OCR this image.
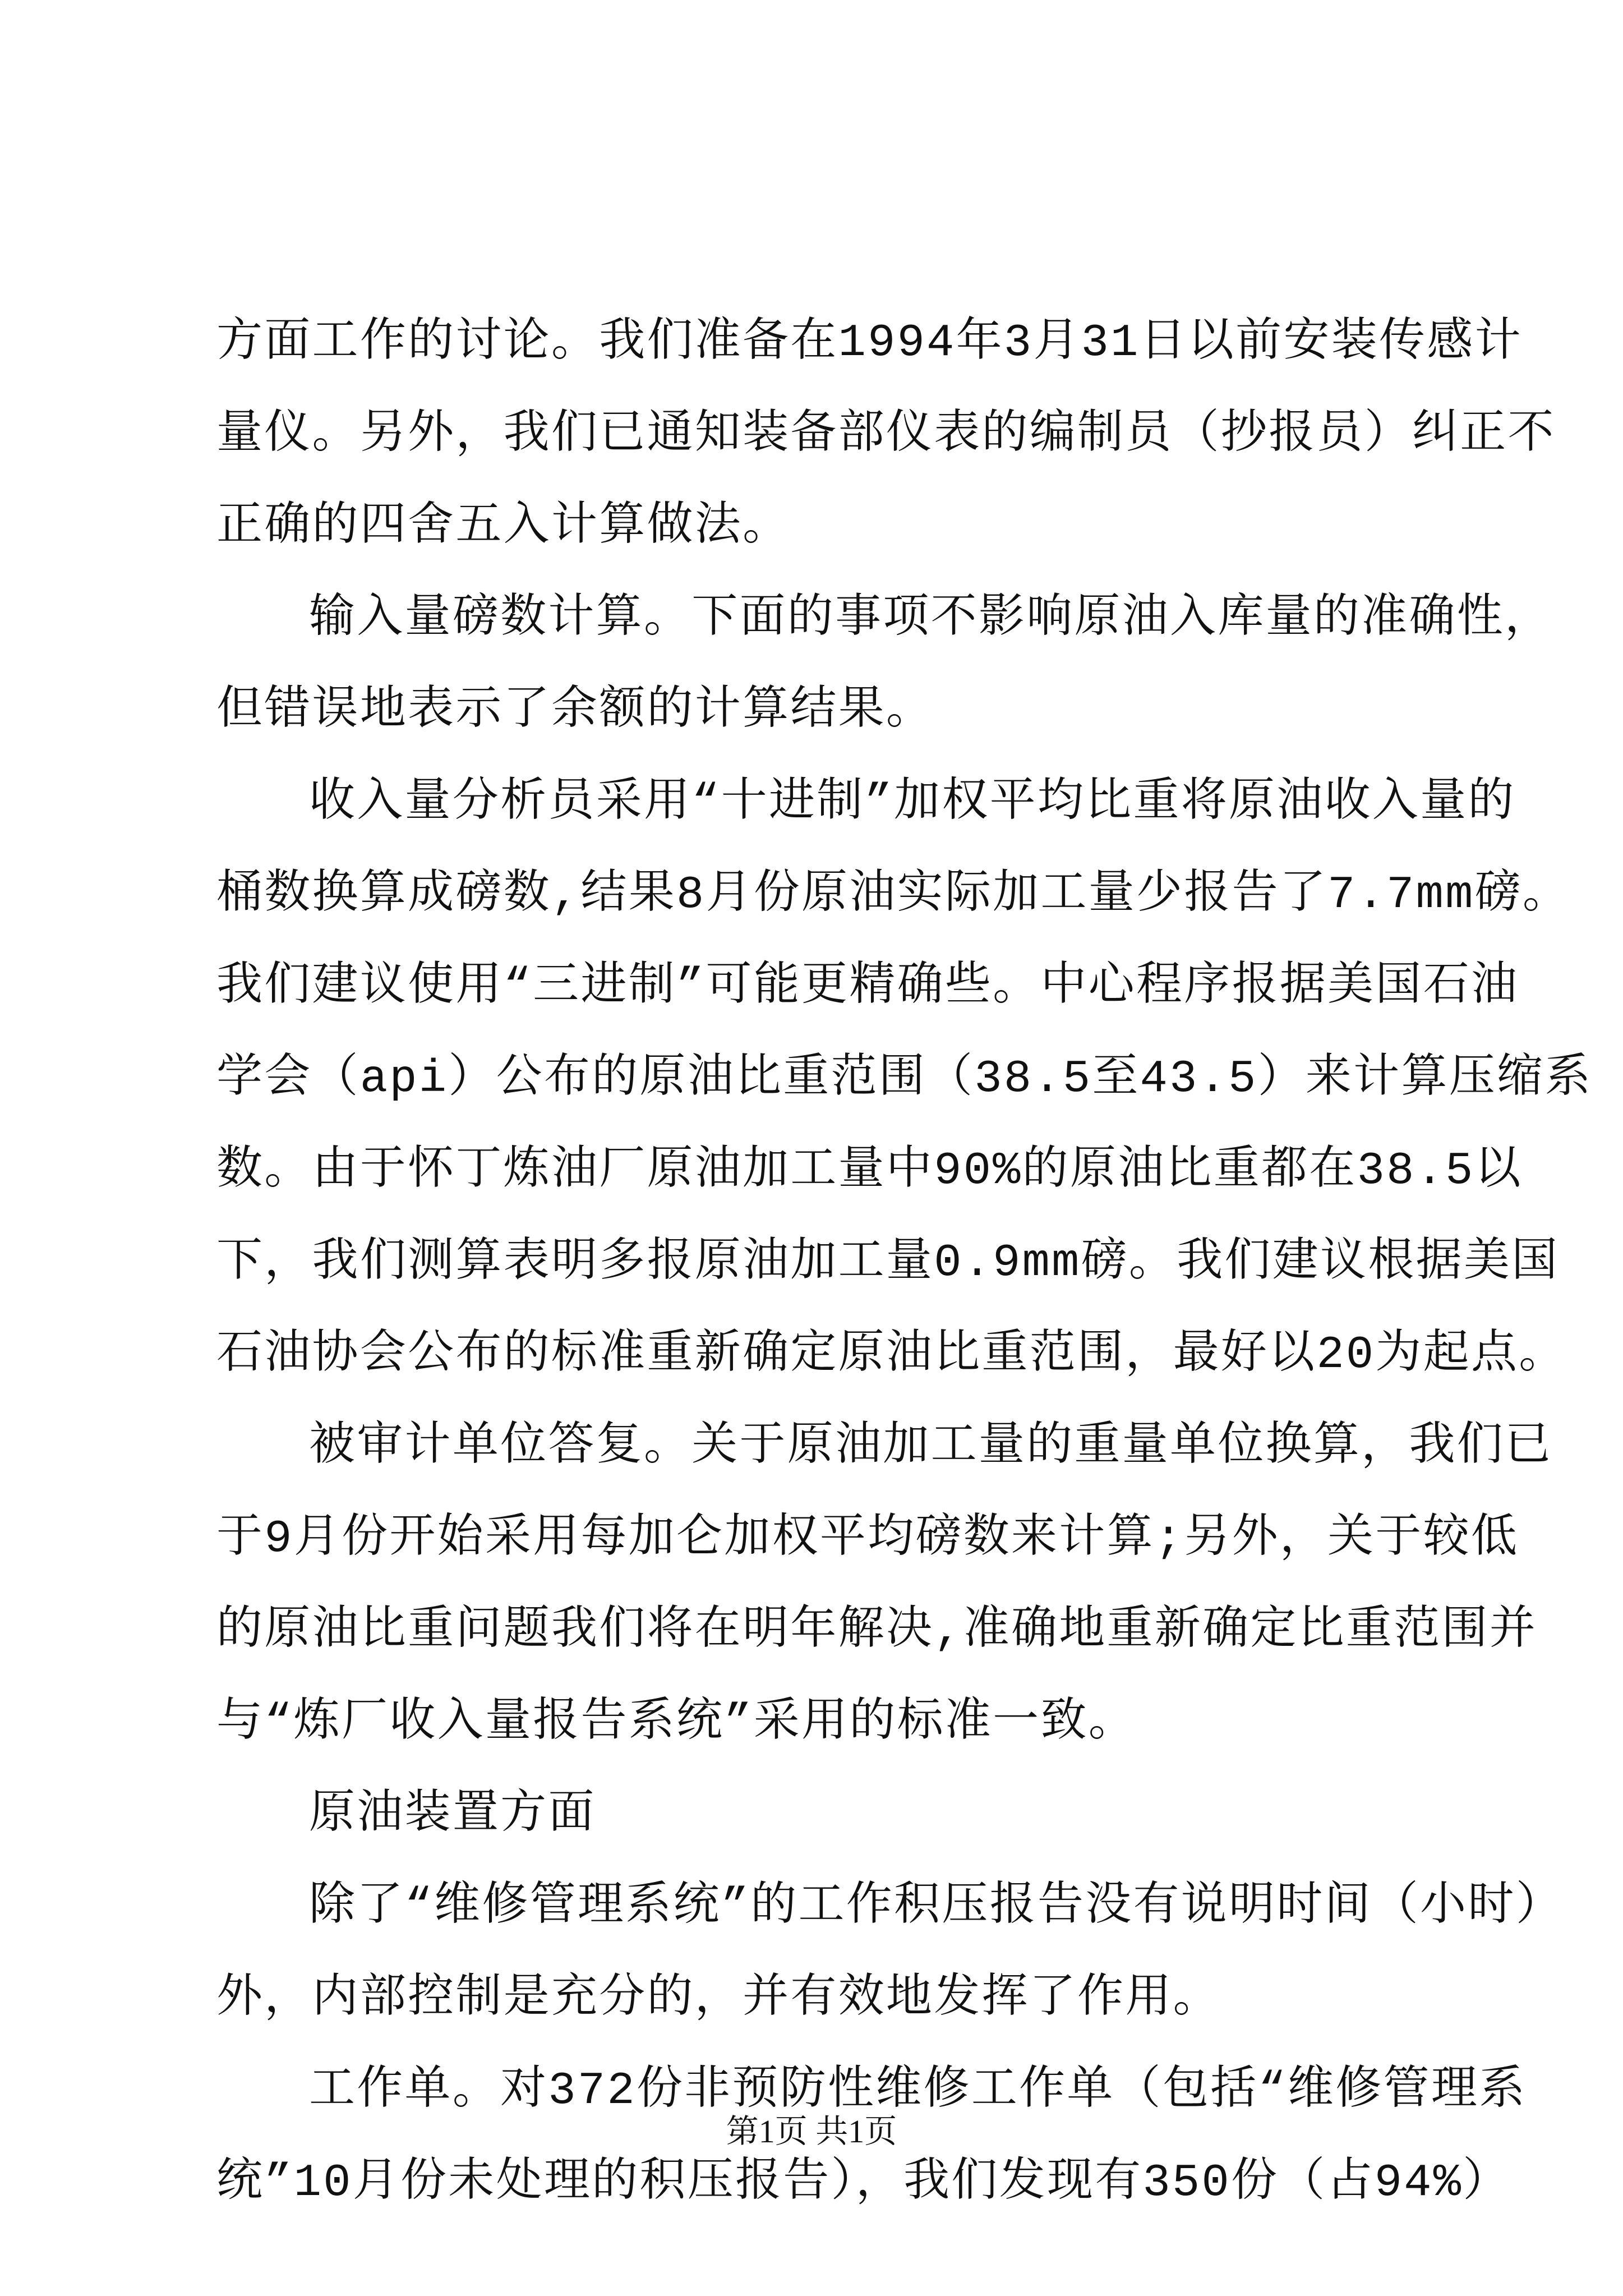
方面工作的讨论。我们准备在1994年3月31日以前安装传感计
量仪。另外，我们已通知装备部仪表的编制员（抄报员）纠正不
正确的四舍五入计算做法。
输入量磅数计算。下面的事项不影响原油入库量的准确性，
但错误地表示了余额的计算结果。
收入量分析员采用“十进制”加权平均比重将原油收入量的
桶数换算成磅数,结果8月份原油实际加工量少报告了7.7mm磅。
我们建议使用“三进制”可能更精确些。中心程序报据美国石油
学会（api）公布的原油比重范围（38.5至43.5）来计算压缩系
数。由于怀丁炼油厂原油加工量中90%的原油比重都在38.5以
下，我们测算表明多报原油加工量0.9mm磅。我们建议根据美国
石油协会公布的标准重新确定原油比重范围，最好以20为起点。
被审计单位答复。关于原油加工量的重量单位换算，我们已
于9月份开始采用每加仑加权平均磅数来计算;另外，关于较低
的原油比重问题我们将在明年解决,准确地重新确定比重范围并
与“炼厂收入量报告系统”采用的标准一致。
原油装置方面
除了“维修管理系统”的工作积压报告没有说明时间（小时）
外，内部控制是充分的，并有效地发挥了作用。
工作单。对372份非预防性维修工作单（包括“维修管理系
统”10月份未处理的积压报告），我们发现有350份（占94%）
第1页 共1页
